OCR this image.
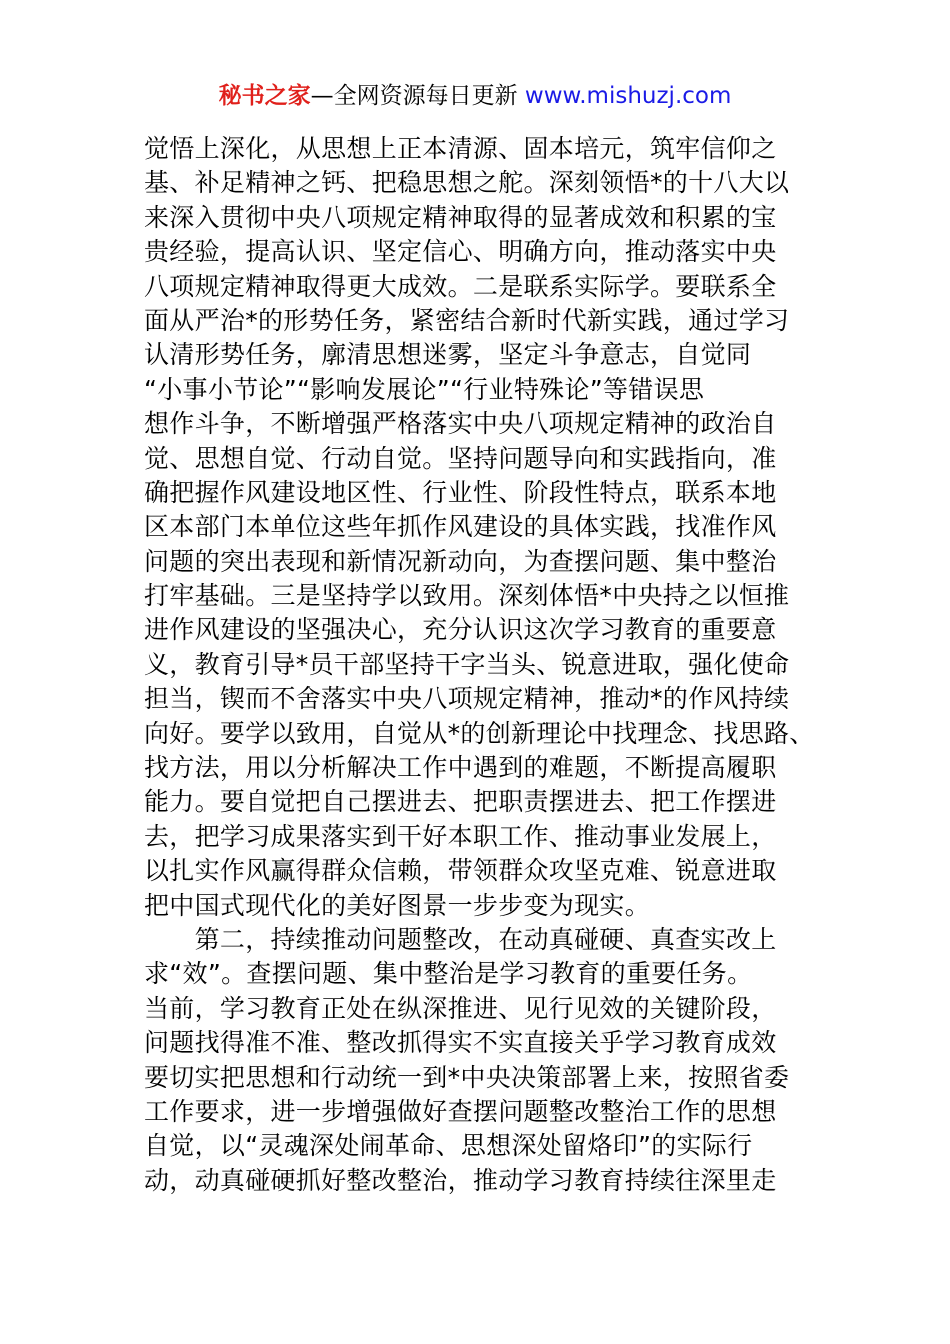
秘书之家—全网资源每日更新 www.mishuzj.com
觉悟上深化，从思想上正本清源、固本培元，筑牢信仰之
基、补足精神之钙、把稳思想之舵。深刻领悟*的十八大以
来深入贯彻中央八项规定精神取得的显著成效和积累的宝
贵经验，提高认识、坚定信心、明确方向，推动落实中央
八项规定精神取得更大成效。二是联系实际学。要联系全
面从严治*的形势任务，紧密结合新时代新实践，通过学习
认清形势任务，廓清思想迷雾，坚定斗争意志，自觉同
“小事小节论”“影响发展论”“行业特殊论”等错误思
想作斗争，不断增强严格落实中央八项规定精神的政治自
觉、思想自觉、行动自觉。坚持问题导向和实践指向，准
确把握作风建设地区性、行业性、阶段性特点，联系本地
区本部门本单位这些年抓作风建设的具体实践，找准作风
问题的突出表现和新情况新动向，为查摆问题、集中整治
打牢基础。三是坚持学以致用。深刻体悟*中央持之以恒推
进作风建设的坚强决心，充分认识这次学习教育的重要意
义，教育引导*员干部坚持干字当头、锐意进取，强化使命
担当，锲而不舍落实中央八项规定精神，推动*的作风持续
向好。要学以致用，自觉从*的创新理论中找理念、找思路、
找方法，用以分析解决工作中遇到的难题，不断提高履职
能力。要自觉把自己摆进去、把职责摆进去、把工作摆进
去，把学习成果落实到干好本职工作、推动事业发展上，
以扎实作风赢得群众信赖，带领群众攻坚克难、锐意进取
把中国式现代化的美好图景一步步变为现实。
　　第二，持续推动问题整改，在动真碰硬、真查实改上
求“效”。查摆问题、集中整治是学习教育的重要任务。
当前，学习教育正处在纵深推进、见行见效的关键阶段，
问题找得准不准、整改抓得实不实直接关乎学习教育成效
要切实把思想和行动统一到*中央决策部署上来，按照省委
工作要求，进一步增强做好查摆问题整改整治工作的思想
自觉，以“灵魂深处闹革命、思想深处留烙印”的实际行
动，动真碰硬抓好整改整治，推动学习教育持续往深里走
